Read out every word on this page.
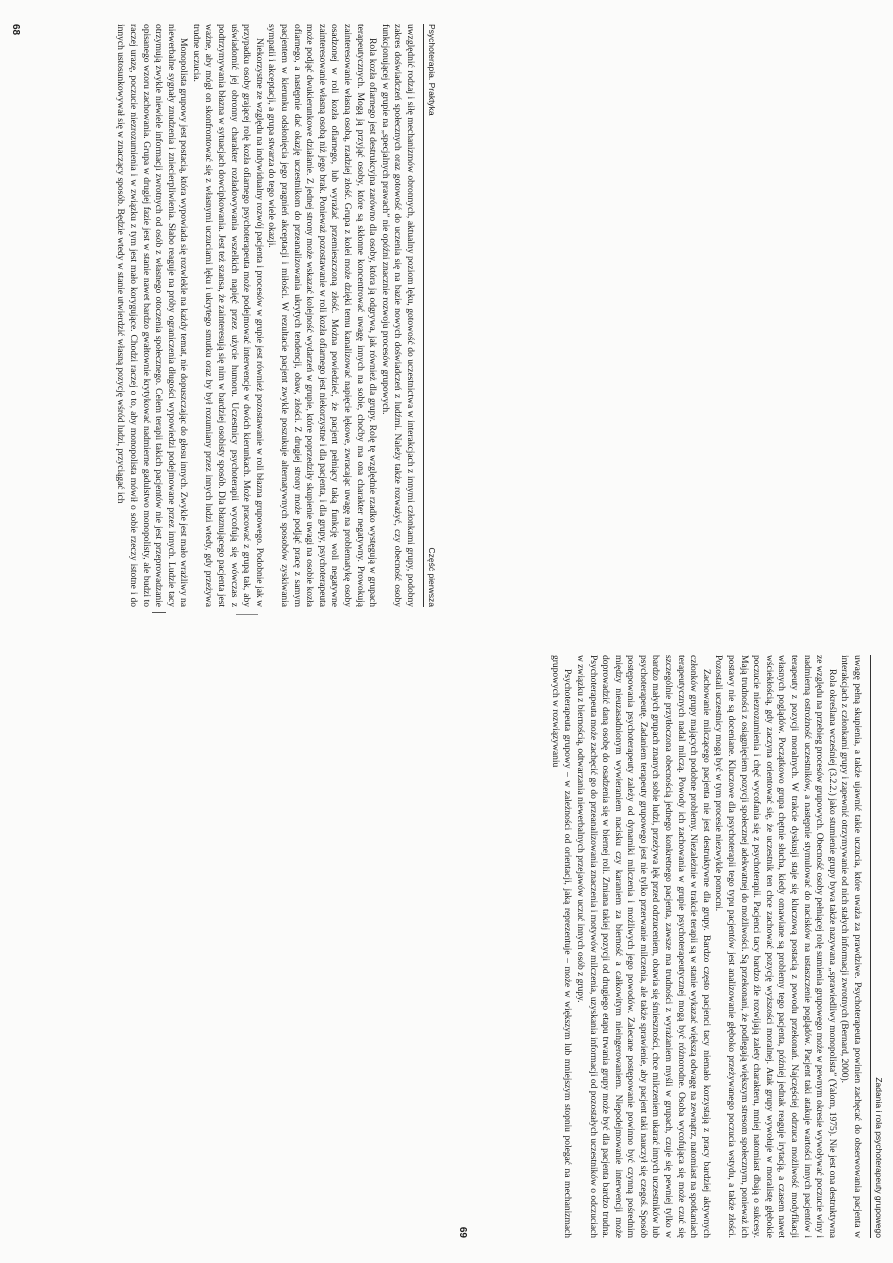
Psychoterapia. Praktyka
Część pierwsza

uwzględnić rodzaj i siłę mechanizmów obronnych, aktualny poziom lęku, gotowość do uczestnictwa w interakcjach z innymi członkami grupy, podobny zakres doświadczeń społecznych oraz gotowość do uczenia się na bazie nowych doświadczeń z ludźmi. Należy także rozważyć, czy obecność osoby funkcjonującej w grupie na „specjalnych prawach” nie opóźni znacznie rozwoju procesów grupowych.

Rola kozła ofiarnego jest destrukcyjna zarówno dla osoby, która ją odgrywa, jak również dla grupy. Rolę tę względnie rzadko wystęgują w grupach terapeutycznych. Mogą ją przyjąć osoby, które są skłonne koncentrować uwagę innych na sobie, choćby ma ona charakter negatywny. Prowokują zainteresowanie własną osobą, rzadziej złość. Grupa z kolei może dzięki temu kanalizować napięcie lękowe, zwracając uwagę na problematykę osoby osadzonej w roli kozła ofiarnego, lub wyrażać przemieszczoną złość. Można powiedzieć, że pacjent pełniący taką funkcję woli negatywne zainteresowanie własną osobą niż jego brak. Ponieważ pozostawanie w roli kozła ofiarnego jest niekorzystne i dla pacjenta, i dla grupy, psychoterapeuta może podjąć dwukierunkowe działanie. Z jednej strony może wskazać kolejność wydarzeń w grupie, które poprzedziły skupienie uwagi na osobie kozła ofiarnego, a następnie dać okazję uczestnikom do przeanalizowania ukrytych tendencji, obaw, złości. Z drugiej strony może podjąć pracę z samym pacjentem w kierunku odsłonięcia jego pragnień akceptacji i miłości. W rezultacie pacjent zwykle poszukuje alternatywnych sposobów zyskiwania sympatii i akceptacji, a grupa stwarza do tego wiele okazji.

Niekorzystne ze względu na indywidualny rozwój pacjenta i procesów w grupie jest również pozostawanie w roli błazna grupowego. Podobnie jak w przypadku osoby grającej rolę kozła ofiarnego psychoterapeuta może podejmować interwencje w dwóch kierunkach. Może pracować z grupą tak, aby uświadomić jej obronny charakter rozładowywania wszelkich napięć przez użycie humoru. Uczestnicy psychoterapii wycofują się wówczas z podtrzymywania błazna w sytuacjach dowcipkowania. Jest też szansa, że zainteresują się nim w bardziej osobisty sposób. Dla błaznującego pacjenta jest ważne, aby mógł on skonfrontować się z własnymi uczuciami lęku i ukrytego smutku oraz by był rozumiany przez innych ludzi wtedy, gdy przeżywa trudne uczucia.

Monopolista grupowy jest postacią, która wypowiada się rozwlekle na każdy temat, nie dopuszczając do głosu innych. Zwykle jest mało wrażliwy na niewerbalne sygnały znudzenia i zniecierpliwienia. Słabo reaguje na próby ograniczenia długości wypowiedzi podejmowane przez innych. Ludzie tacy otrzymują zwykle niewiele informacji zwrotnych od osób z własnego otoczenia społecznego. Celem terapii takich pacjentów nie jest przeprowadzanie opisanego wzoru zachowania. Grupa w drugiej fazie jest w stanie nawet bardzo gwałtownie krytykować nadmierne gadulstwo monopolisty, ale budzi to raczej urazę, poczucie niezrozumienia i w związku z tym jest mało korygujące. Chodzi raczej o to, aby monopolista mówił o sobie rzeczy istotne i do innych ustosunkowywał się w znaczący sposób. Będzie wtedy w stanie utwierdzić własną pozycję wśród ludzi, przyciągać ich

68
Zadania i rola psychoterapeuty grupowego

uwagę pełną skupienia, a także ujawnić takie uczucia, które uważa za prawdziwe. Psychoterapeuta powinien zachęcać do obserwowania pacjenta w interakcjach z członkami grupy i zapewnić otrzymywanie od nich stałych informacji zwrotnych (Bernard, 2000).

Rola określana wcześniej (3.2.2.) jako stumienie grupy bywa także nazywana „sprawiedliwy monopolista” (Yalom, 1975). Nie jest ona destruktywna ze względu na przebieg procesów grupowych. Obecność osoby pełniącej rolę sumienia grupowego może w pewnym okresie wywoływać poczucie winy i nadmierną ostrożność uczestników, a następnie stymulować do nacisków na ustaszczenie poglądów. Pacjent taki atakuje wartości innych pacjentów i terapeuty z pozycji moralnych. W trakcie dyskusji staje się kluczową postacią z powodu przekonań. Najczęściej odrzuca możliwość modyfikacji własnych poglądów. Początkowo grupa chętnie słucha, kiedy omawiane są problemy tego pacjenta, później jednak reaguje irytacją, a czasem nawet wściekłością, gdy zaczyna orientować się, że uczestnik ten chce zachować pozycję wyższości moralnej. Atak grupy wywołuje w moralistę głębokie poczucie niezrozumienia i chęć wycofania się z psychoterapii. Pacjenci tacy bardzo źle rozwijają zalety charakteru, mniej natomiast dbają o sukcesy. Mają trudności z osiągnięciem pozycji społecznej adekwatnej do możliwości. Są przekonani, że podlegają większym stresom społecznym, ponieważ ich postawy nie są doceniane. Kluczowe dla psychoterapii tego typu pacjentów jest analizowanie głęboko przeżywanego poczucia wstydu, a także złości. Pozostali uczestnicy mogą być w tym procesie niezwykle pomocni.

Zachowanie milczącego pacjenta nie jest destruktywne dla grupy. Bardzo często pacjenci tacy niemało korzystają z pracy bardziej aktywnych członków grupy mających podobne problemy. Niezależnie w trakcie terapii są w stanie wykazać większą odwagę na zewnątrz, natomiast na spotkaniach terapeutycznych nadal milczą. Powody ich zachowania w grupie psychoterapeutycznej mogą być różnorodne. Osoba wycofująca się może czuć się szczególnie przytłoczona obecnością jednego konkretnego pacjenta, zawsze ma trudności z wyrażaniem myśli w grupach, czuje się pewniej tylko w bardzo małych grupach znanych sobie ludzi, przeżywa lęk przed odrzuceniem, obawia się śmieszności, chce milczeniem ukarać innych uczestników lub psychoterapeutę. Zadaniem terapeuty grupowego jest nie tylko przerwanie milczenia, ale także sprawienie, aby pacjent taki nauczył się czegoś. Sposób postępowania psychoterapeuty zależy od dynamiki milczenia i możliwych jego powodów. Zalecane postępowanie powinno być czynną pośrednim między nieuzasadnionym wywieraniem nacisku czy karaniem za bierność a całkowitym nieingerowaniem. Niepodejmowanie interwencji może doprowadzić daną osobę do osadzenia się w biernej roli. Zmiana takiej pozycji od drugiego etapu trwania grupy może być dla pacjenta bardzo trudna. Psychoterapeuta może zachęcić go do przeanalizowania znaczenia i motywów milczenia, uzyskania informacji od pozostałych uczestników o odczuciach w związku z biernością, odtwarzania niewerbalnych przejawów uczuć innych osób z grupy.

Psychoterapeuta grupowy – w zależności od orientacji, jaką reprezentuje – może w większym lub mniejszym stopniu polegać na mechanizmach grupowych w rozwiązywaniu

69
